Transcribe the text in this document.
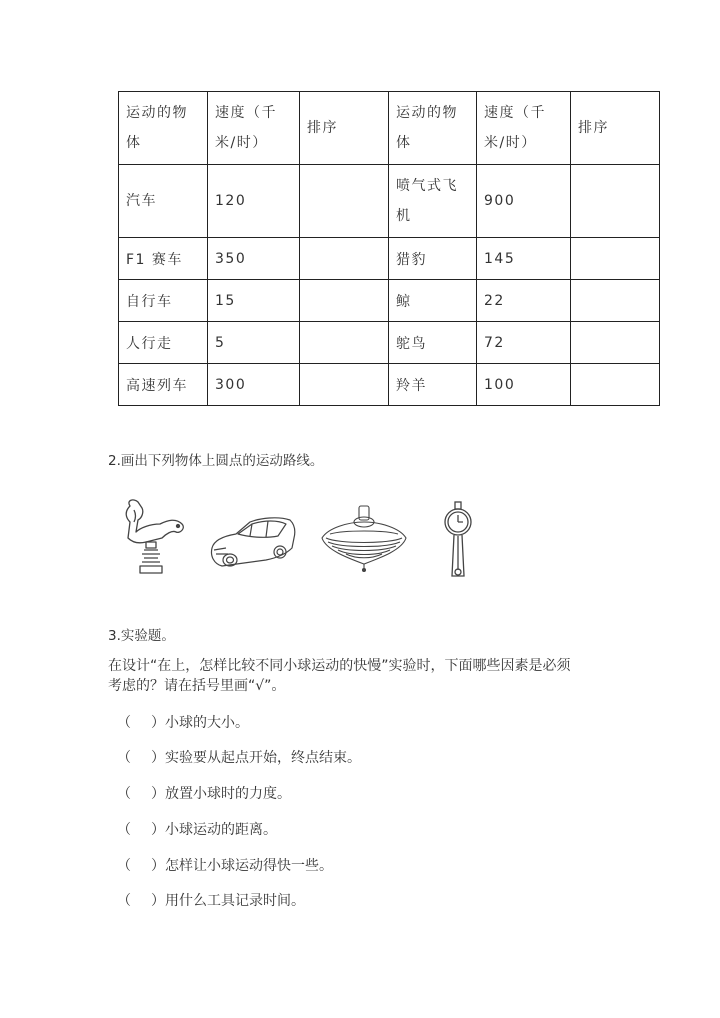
运动的物体	速度（千米/时）	排序	运动的物体	速度（千米/时）	排序
汽车	120		喷气式飞机	900	
F1 赛车	350		猎豹	145	
自行车	15		鲸	22	
人行走	5		鸵鸟	72	
高速列车	300		羚羊	100	
2.画出下列物体上圆点的运动路线。
3.实验题。
在设计“在上，怎样比较不同小球运动的快慢”实验时，下面哪些因素是必须
考虑的？请在括号里画“√”。
（ ）小球的大小。
（ ）实验要从起点开始，终点结束。
（ ）放置小球时的力度。
（ ）小球运动的距离。
（ ）怎样让小球运动得快一些。
（ ）用什么工具记录时间。
